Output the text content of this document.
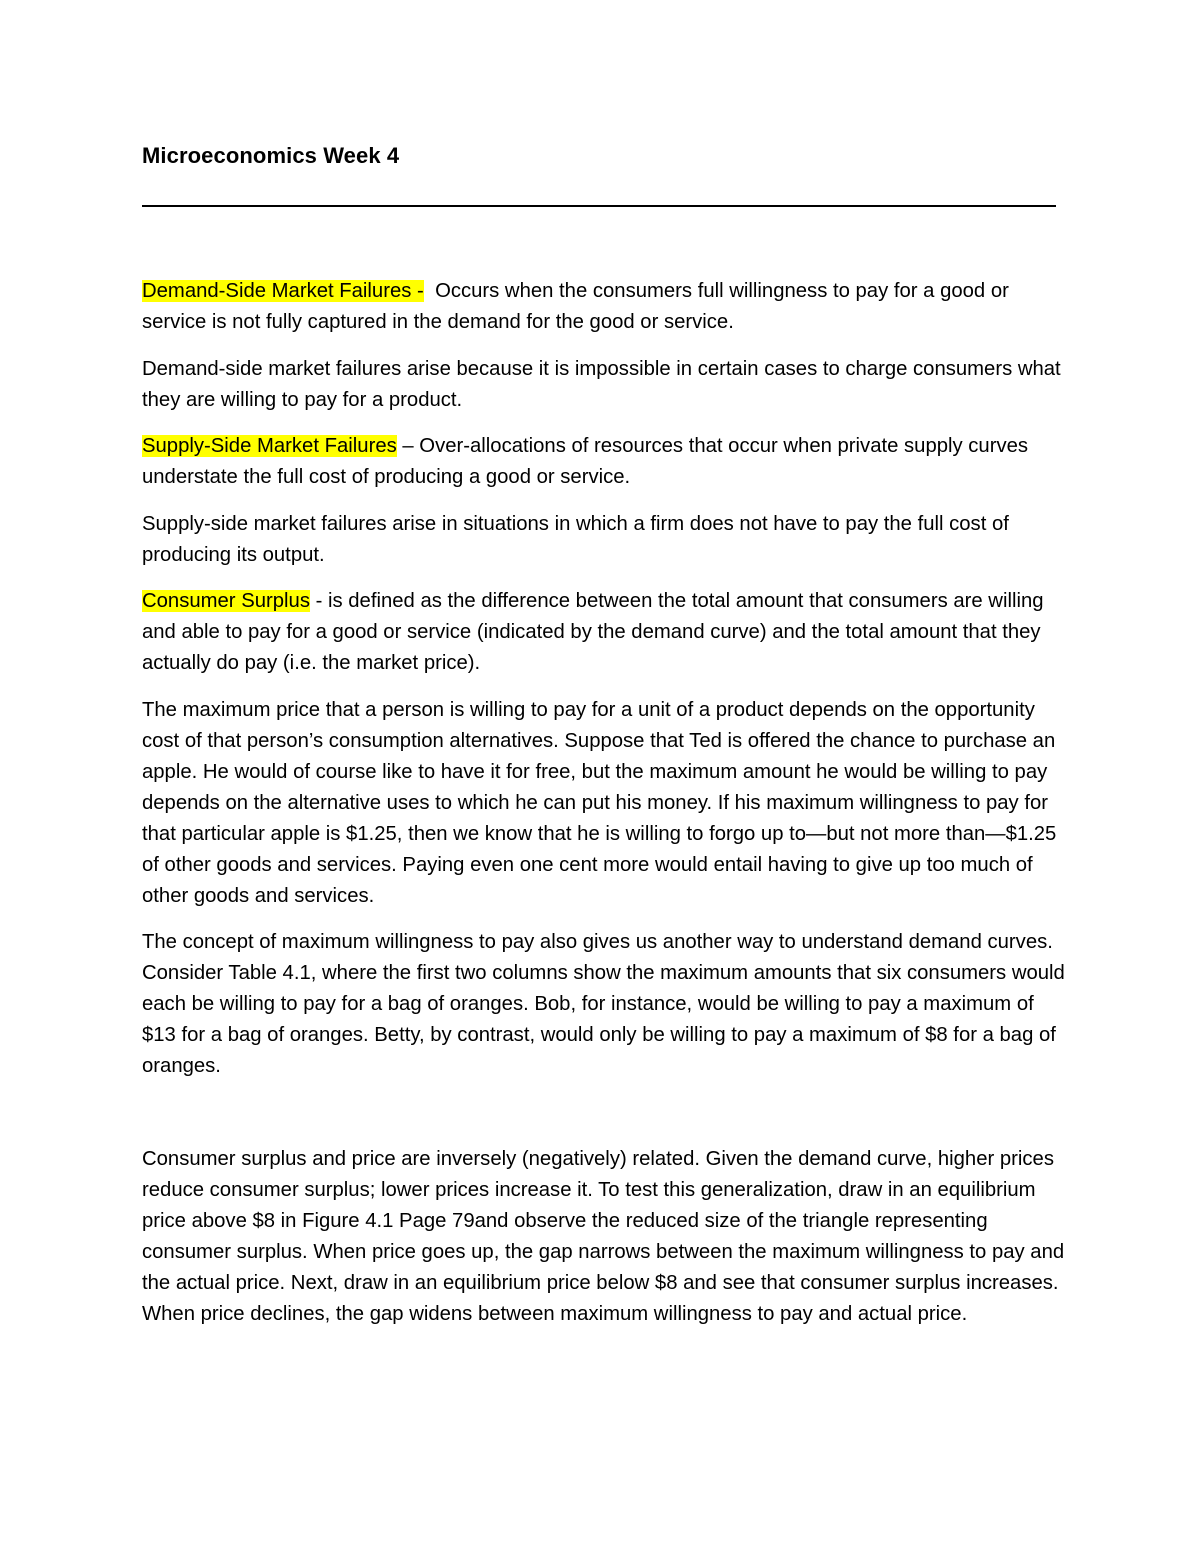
Microeconomics Week 4

Demand-Side Market Failures - Occurs when the consumers full willingness to pay for a good or service is not fully captured in the demand for the good or service.

Demand-side market failures arise because it is impossible in certain cases to charge consumers what they are willing to pay for a product.

Supply-Side Market Failures – Over-allocations of resources that occur when private supply curves understate the full cost of producing a good or service.

Supply-side market failures arise in situations in which a firm does not have to pay the full cost of producing its output.

Consumer Surplus - is defined as the difference between the total amount that consumers are willing and able to pay for a good or service (indicated by the demand curve) and the total amount that they actually do pay (i.e. the market price).

The maximum price that a person is willing to pay for a unit of a product depends on the opportunity cost of that person’s consumption alternatives. Suppose that Ted is offered the chance to purchase an apple. He would of course like to have it for free, but the maximum amount he would be willing to pay depends on the alternative uses to which he can put his money. If his maximum willingness to pay for that particular apple is $1.25, then we know that he is willing to forgo up to—but not more than—$1.25 of other goods and services. Paying even one cent more would entail having to give up too much of other goods and services.

The concept of maximum willingness to pay also gives us another way to understand demand curves. Consider Table 4.1, where the first two columns show the maximum amounts that six consumers would each be willing to pay for a bag of oranges. Bob, for instance, would be willing to pay a maximum of $13 for a bag of oranges. Betty, by contrast, would only be willing to pay a maximum of $8 for a bag of oranges.

Consumer surplus and price are inversely (negatively) related. Given the demand curve, higher prices reduce consumer surplus; lower prices increase it. To test this generalization, draw in an equilibrium price above $8 in Figure 4.1 Page 79and observe the reduced size of the triangle representing consumer surplus. When price goes up, the gap narrows between the maximum willingness to pay and the actual price. Next, draw in an equilibrium price below $8 and see that consumer surplus increases. When price declines, the gap widens between maximum willingness to pay and actual price.
